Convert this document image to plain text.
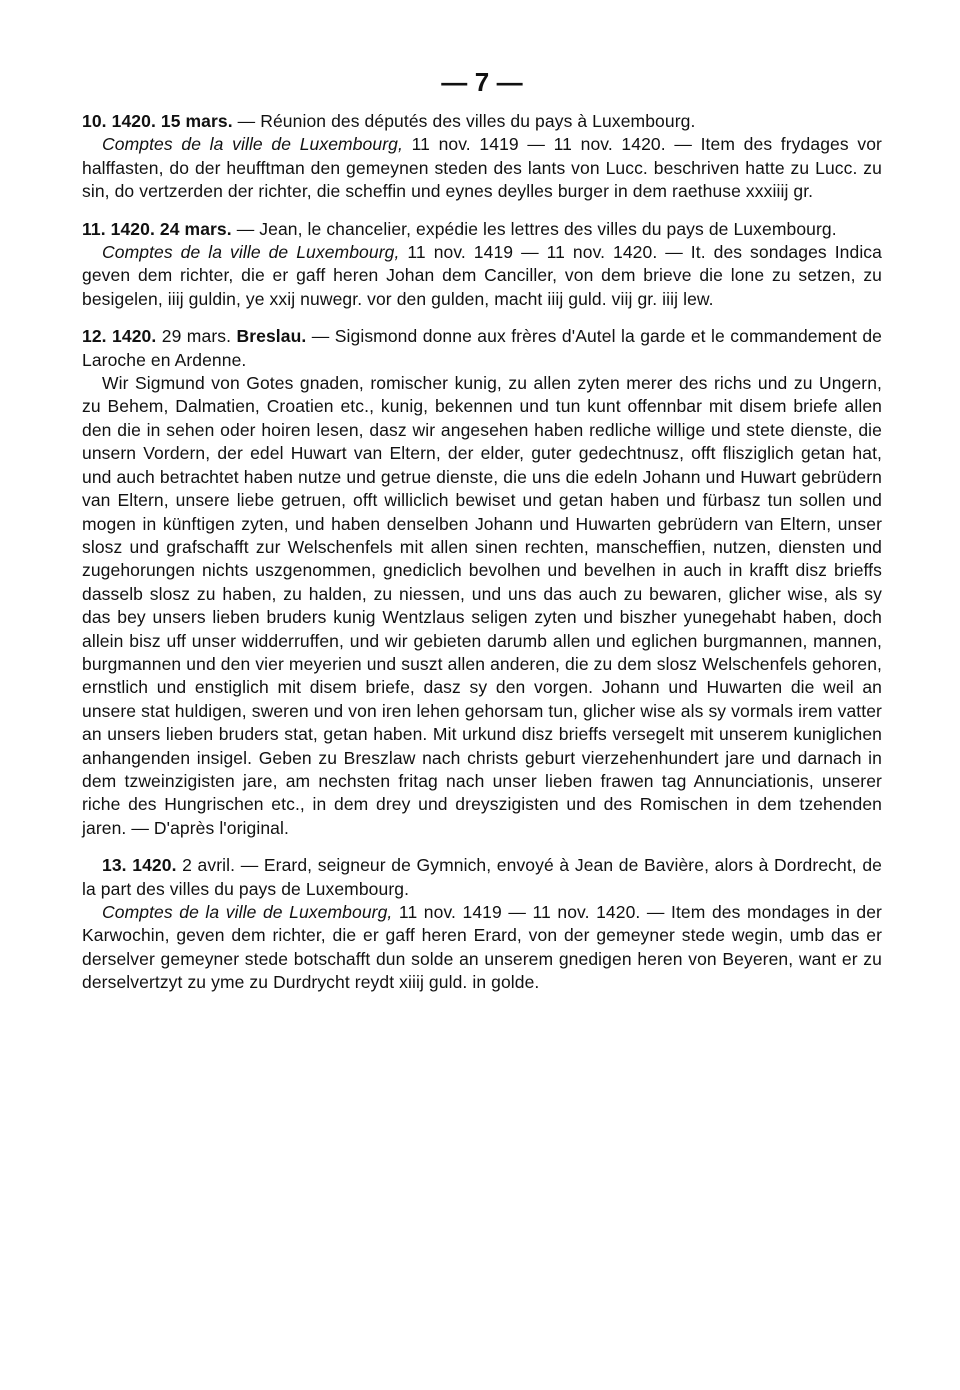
— 7 —

10. 1420. 15 mars. — Réunion des députés des villes du pays à Luxembourg.

Comptes de la ville de Luxembourg, 11 nov. 1419 — 11 nov. 1420. — Item des frydages vor halffasten, do der heufftman den gemeynen steden des lants von Lucc. beschriven hatte zu Lucc. zu sin, do vertzerden der richter, die scheffin und eynes deylles burger in dem raethuse xxxiiij gr.

11. 1420. 24 mars. — Jean, le chancelier, expédie les lettres des villes du pays de Luxembourg.

Comptes de la ville de Luxembourg, 11 nov. 1419 — 11 nov. 1420. — It. des sondages Indica geven dem richter, die er gaff heren Johan dem Canciller, von dem brieve die lone zu setzen, zu besigelen, iiij guldin, ye xxij nuwegr. vor den gulden, macht iiij guld. viij gr. iiij lew.

12. 1420. 29 mars. Breslau. — Sigismond donne aux frères d'Autel la garde et le commandement de Laroche en Ardenne.

Wir Sigmund von Gotes gnaden, romischer kunig, zu allen zyten merer des richs und zu Ungern, zu Behem, Dalmatien, Croatien etc., kunig, bekennen und tun kunt offennbar mit disem briefe allen den die in sehen oder hoiren lesen, dasz wir angesehen haben redliche willige und stete dienste, die unsern Vordern, der edel Huwart van Eltern, der elder, guter gedechtnusz, offt flisziglich getan hat, und auch betrachtet haben nutze und getrue dienste, die uns die edeln Johann und Huwart gebrüdern van Eltern, unsere liebe getruen, offt williclich bewiset und getan haben und fürbasz tun sollen und mogen in künftigen zyten, und haben denselben Johann und Huwarten gebrüdern van Eltern, unser slosz und grafschafft zur Welschenfels mit allen sinen rechten, manscheffien, nutzen, diensten und zugehorungen nichts uszgenommen, gnediclich bevolhen und bevelhen in auch in krafft disz brieffs dasselb slosz zu haben, zu halden, zu niessen, und uns das auch zu bewaren, glicher wise, als sy das bey unsers lieben bruders kunig Wentzlaus seligen zyten und biszher yunegehabt haben, doch allein bisz uff unser widderruffen, und wir gebieten darumb allen und eglichen burgmannen, mannen, burgmannen und den vier meyerien und suszt allen anderen, die zu dem slosz Welschenfels gehoren, ernstlich und enstiglich mit disem briefe, dasz sy den vorgen. Johann und Huwarten die weil an unsere stat huldigen, sweren und von iren lehen gehorsam tun, glicher wise als sy vormals irem vatter an unsers lieben bruders stat, getan haben. Mit urkund disz brieffs versegelt mit unserem kuniglichen anhangenden insigel. Geben zu Breszlaw nach christs geburt vierzehenhundert jare und darnach in dem tzweinzigisten jare, am nechsten fritag nach unser lieben frawen tag Annunciationis, unserer riche des Hungrischen etc., in dem drey und dreyszigisten und des Romischen in dem tzehenden jaren. — D'après l'original.

13. 1420. 2 avril. — Erard, seigneur de Gymnich, envoyé à Jean de Bavière, alors à Dordrecht, de la part des villes du pays de Luxembourg.

Comptes de la ville de Luxembourg, 11 nov. 1419 — 11 nov. 1420. — Item des mondages in der Karwochin, geven dem richter, die er gaff heren Erard, von der gemeyner stede wegin, umb das er derselver gemeyner stede botschafft dun solde an unserem gnedigen heren von Beyeren, want er zu derselvertzyt zu yme zu Durdrycht reydt xiiij guld. in golde.
